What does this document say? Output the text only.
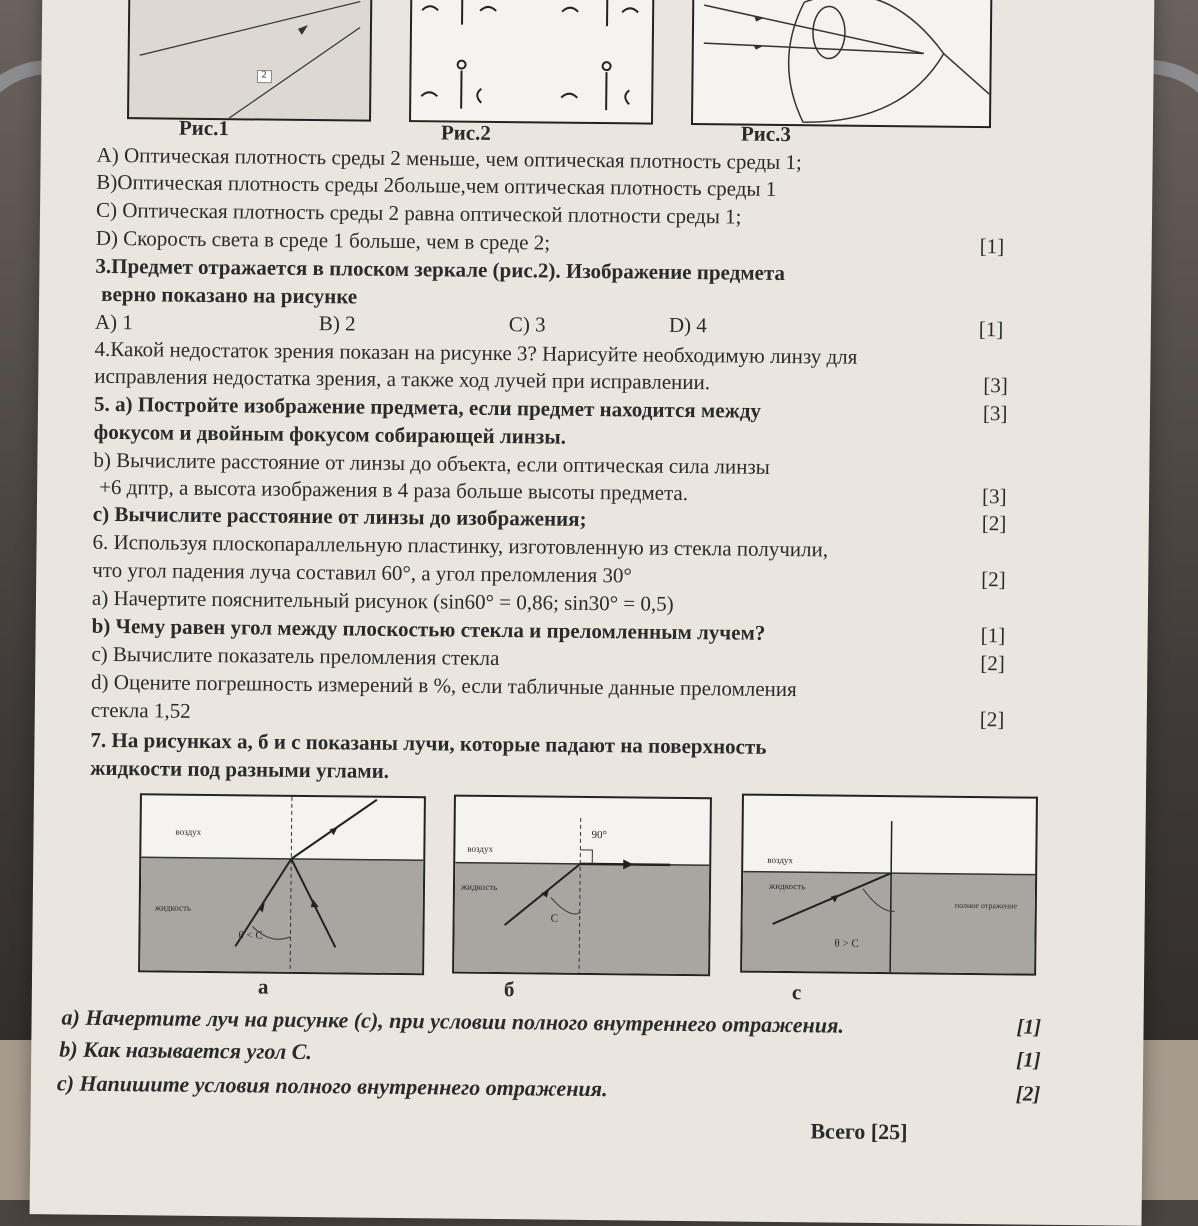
2
Рис.1	Рис.2	Рис.3
A) Оптическая плотность среды 2 меньше, чем оптическая плотность среды 1;
B)Оптическая плотность среды 2больше,чем оптическая плотность среды 1
C) Оптическая плотность среды 2 равна оптической плотности среды 1;
D) Скорость света в среде 1 больше, чем в среде 2;	[1]
3.Предмет отражается в плоском зеркале (рис.2). Изображение предмета
верно показано на рисунке
A) 1	B) 2	C) 3	D) 4	[1]
4.Какой недостаток зрения показан на рисунке 3? Нарисуйте необходимую линзу для
исправления недостатка зрения, а также ход лучей при исправлении.	[3]
5. а) Постройте изображение предмета, если предмет находится между	[3]
фокусом и двойным фокусом собирающей линзы.
b) Вычислите расстояние от линзы до объекта, если оптическая сила линзы
+6 дптр, а высота изображения в 4 раза больше высоты предмета.	[3]
c) Вычислите расстояние от линзы до изображения;	[2]
6. Используя плоскопараллельную пластинку, изготовленную из стекла получили,
что угол падения луча составил 60°, а угол преломления 30°	[2]
a) Начертите пояснительный рисунок (sin60° = 0,86; sin30° = 0,5)
b) Чему равен угол между плоскостью стекла и преломленным лучем?	[1]
c) Вычислите показатель преломления стекла	[2]
d) Оцените погрешность измерений в %, если табличные данные преломления
стекла 1,52	[2]
7. На рисунках а, б и с показаны лучи, которые падают на поверхность
жидкости под разными углами.
воздух
жидкость
θ < C
90°
воздух
жидкость
C
воздух
жидкость
полное отражение
θ > C
а	б	с
a) Начертите луч на рисунке (c), при условии полного внутреннего отражения.	[1]
b) Как называется угол С.	[1]
c) Напишите условия полного внутреннего отражения.	[2]
Всего [25]
